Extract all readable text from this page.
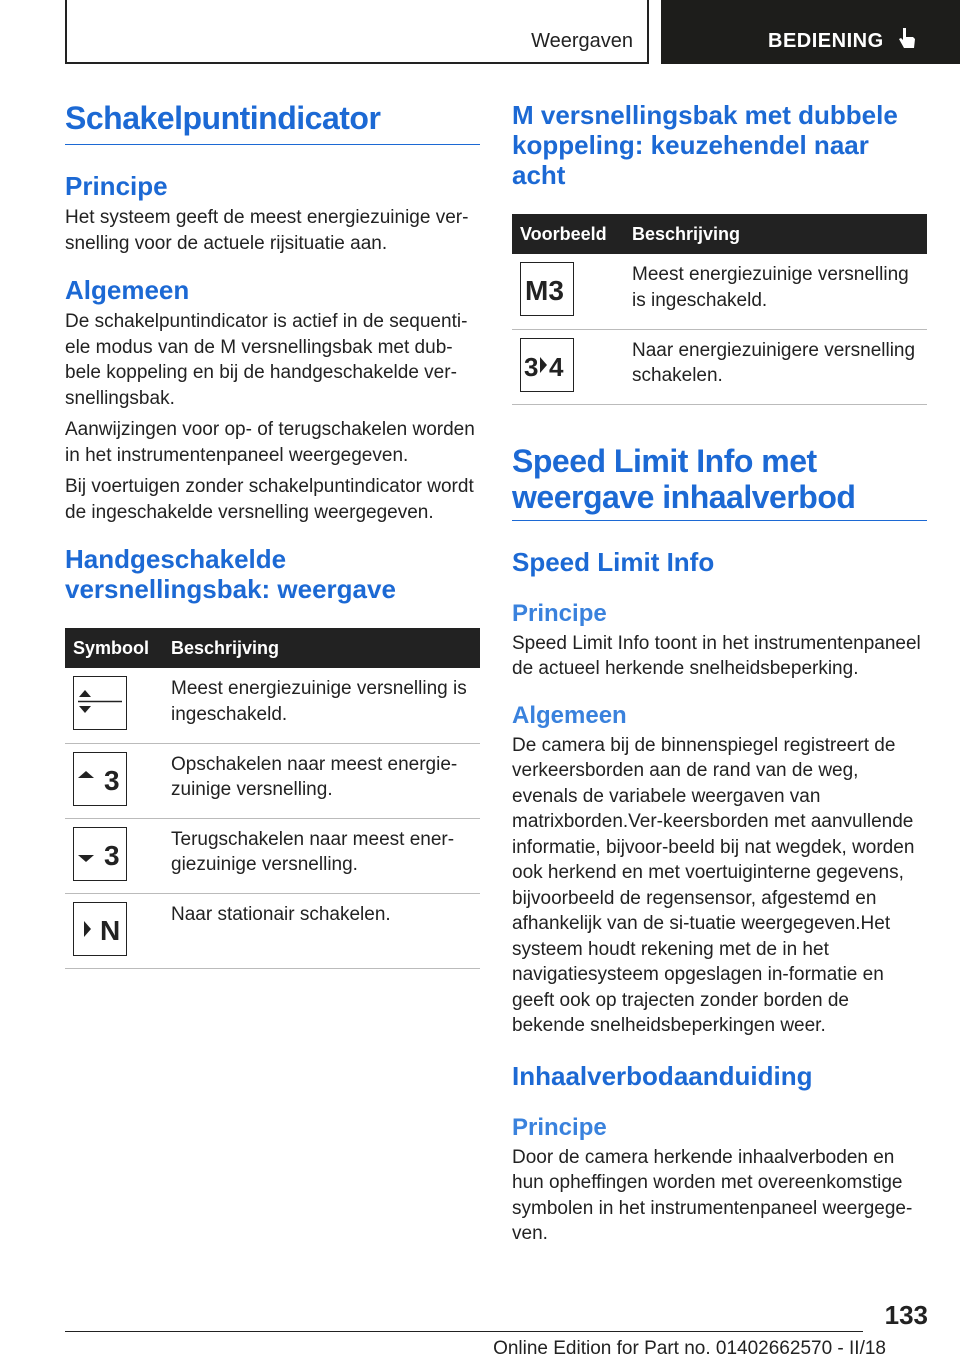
Weergaven	BEDIENING
Schakelpuntindicator
Principe
Het systeem geeft de meest energiezuinige ver-snelling voor de actuele rijsituatie aan.
Algemeen
De schakelpuntindicator is actief in de sequenti-ele modus van de M versnellingsbak met dub-bele koppeling en bij de handgeschakelde ver-snellingsbak.
Aanwijzingen voor op- of terugschakelen worden in het instrumentenpaneel weergegeven.
Bij voertuigen zonder schakelpuntindicator wordt de ingeschakelde versnelling weergegeven.
Handgeschakelde versnellingsbak: weergave
Symbool	Beschrijving

	Meest energiezuinige versnelling is ingeschakeld.

3	Opschakelen naar meest energie-zuinige versnelling.

3	Terugschakelen naar meest ener-giezuinige versnelling.

N	Naar stationair schakelen.
M versnellingsbak met dubbele koppeling: keuzehendel naar acht
Voorbeeld	Beschrijving

M3	Meest energiezuinige versnelling is ingeschakeld.

3 4	Naar energiezuinigere versnelling schakelen.
Speed Limit Info met weergave inhaalverbod
Speed Limit Info
Principe
Speed Limit Info toont in het instrumentenpaneel de actueel herkende snelheidsbeperking.
Algemeen
De camera bij de binnenspiegel registreert de verkeersborden aan de rand van de weg, evenals de variabele weergaven van matrixborden.Ver-keersborden met aanvullende informatie, bijvoor-beeld bij nat wegdek, worden ook herkend en met voertuiginterne gegevens, bijvoorbeeld de regensensor, afgestemd en afhankelijk van de si-tuatie weergegeven.Het systeem houdt rekening met de in het navigatiesysteem opgeslagen in-formatie en geeft ook op trajecten zonder borden de bekende snelheidsbeperkingen weer.
Inhaalverbodaanduiding
Principe
Door de camera herkende inhaalverboden en hun opheffingen worden met overeenkomstige symbolen in het instrumentenpaneel weergege-ven.
133
Online Edition for Part no. 01402662570 - II/18
